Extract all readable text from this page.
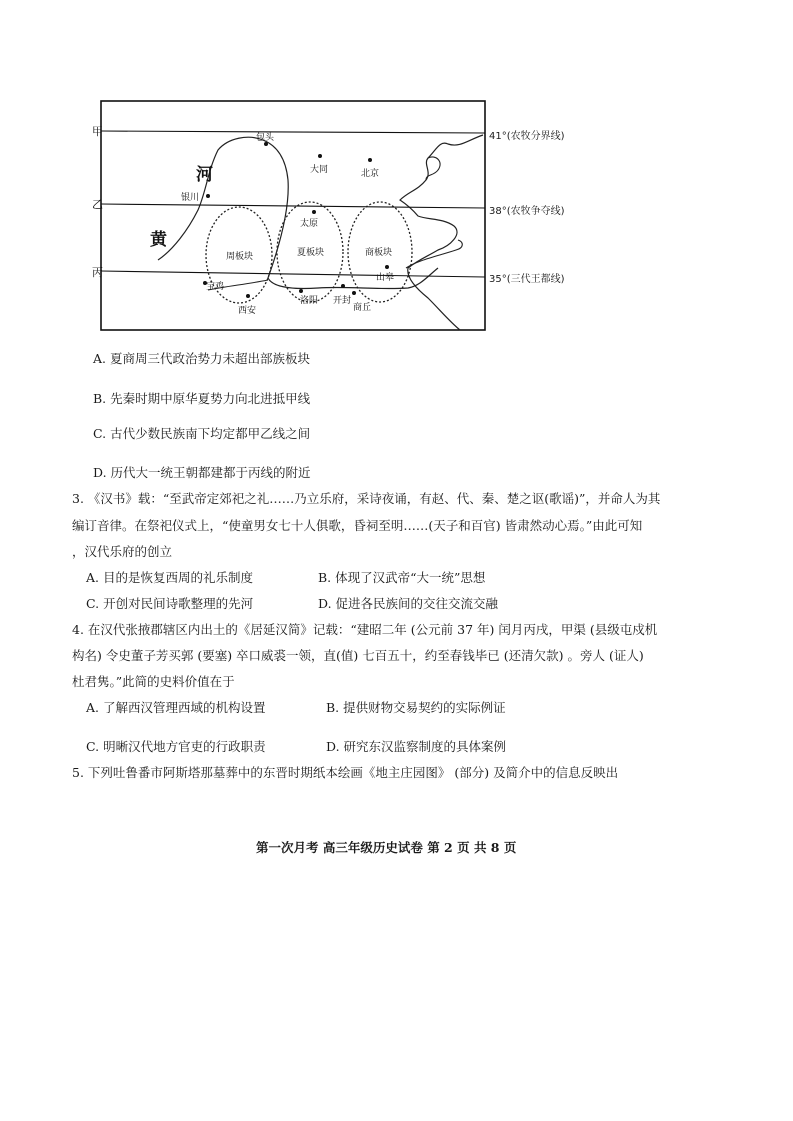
甲
乙
丙
河
黄
包头
大同	北京
银川
太原
山皋
宝鸡
西安
洛阳 开封
商丘
周板块	夏板块	商板块
41°(农牧分界线)
38°(农牧争夺线)
35°(三代王都线)
A. 夏商周三代政治势力未超出部族板块
B. 先秦时期中原华夏势力向北进抵甲线
C. 古代少数民族南下均定都甲乙线之间
D. 历代大一统王朝都建都于丙线的附近
3. 《汉书》载：“至武帝定郊祀之礼……乃立乐府，采诗夜诵，有赵、代、秦、楚之讴(歌谣)”，并命人为其
编订音律。在祭祀仪式上，“使童男女七十人俱歌，昏祠至明……(天子和百官) 皆肃然动心焉。”由此可知
，汉代乐府的创立
A. 目的是恢复西周的礼乐制度	B. 体现了汉武帝“大一统”思想
C. 开创对民间诗歌整理的先河	D. 促进各民族间的交往交流交融
4. 在汉代张掖郡辖区内出土的《居延汉简》记载：“建昭二年 (公元前 37 年) 闰月丙戌，甲渠 (县级屯戍机
构名) 令史董子芳买郭 (要塞) 卒口威裘一领，直(值) 七百五十，约至春钱毕已 (还清欠款) 。旁人 (证人)
杜君隽。”此简的史料价值在于
A. 了解西汉管理西域的机构设置	B. 提供财物交易契约的实际例证
C. 明晰汉代地方官吏的行政职责	D. 研究东汉监察制度的具体案例
5. 下列吐鲁番市阿斯塔那墓葬中的东晋时期纸本绘画《地主庄园图》 (部分) 及简介中的信息反映出
第一次月考 高三年级历史试卷 第 2 页 共 8 页
